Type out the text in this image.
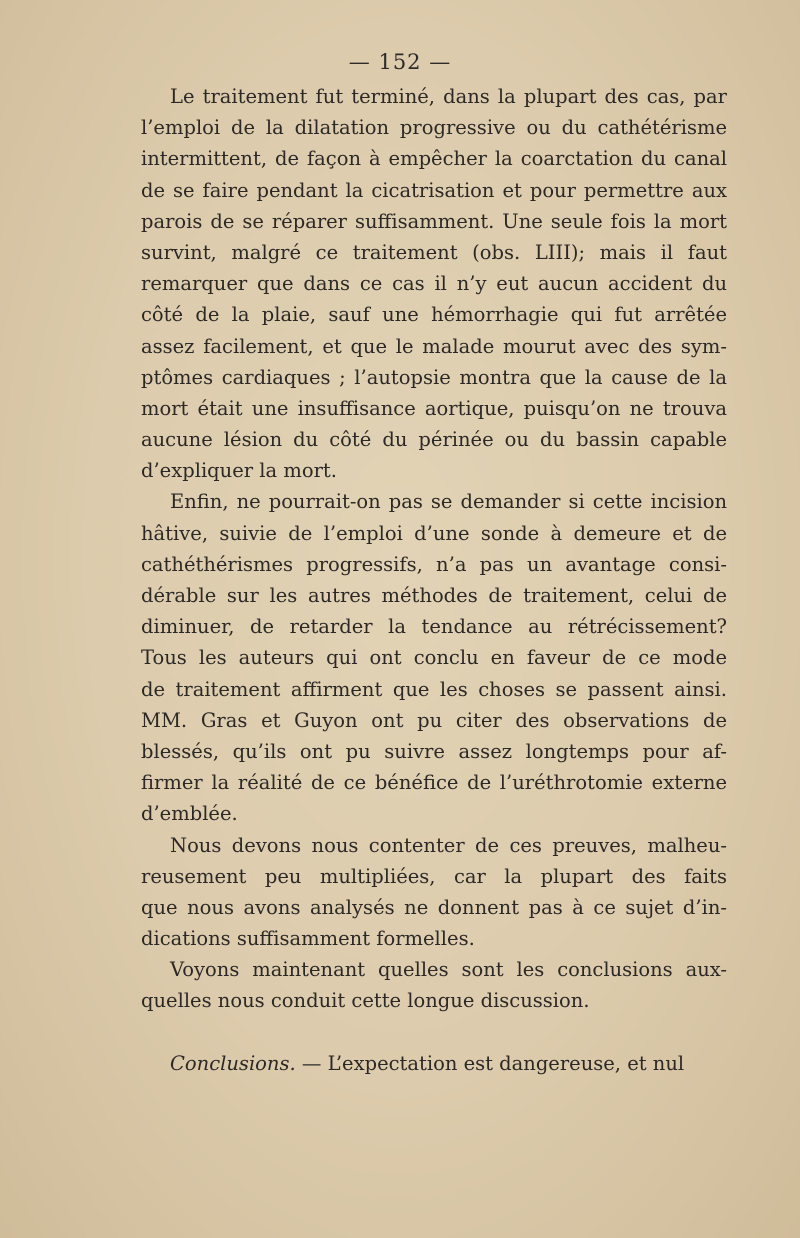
— 152 —
Le traitement fut terminé, dans la plupart des cas, par
l’emploi de la dilatation progressive ou du cathétérisme
intermittent, de façon à empêcher la coarctation du canal
de se faire pendant la cicatrisation et pour permettre aux
parois de se réparer suffisamment. Une seule fois la mort
survint, malgré ce traitement (obs. LIII); mais il faut
remarquer que dans ce cas il n’y eut aucun accident du
côté de la plaie, sauf une hémorrhagie qui fut arrêtée
assez facilement, et que le malade mourut avec des sym-
ptômes cardiaques ; l’autopsie montra que la cause de la
mort était une insuffisance aortique, puisqu’on ne trouva
aucune lésion du côté du périnée ou du bassin capable
d’expliquer la mort.
Enfin, ne pourrait-on pas se demander si cette incision
hâtive, suivie de l’emploi d’une sonde à demeure et de
cathéthérismes progressifs, n’a pas un avantage consi-
dérable sur les autres méthodes de traitement, celui de
diminuer, de retarder la tendance au rétrécissement?
Tous les auteurs qui ont conclu en faveur de ce mode
de traitement affirment que les choses se passent ainsi.
MM. Gras et Guyon ont pu citer des observations de
blessés, qu’ils ont pu suivre assez longtemps pour af-
firmer la réalité de ce bénéfice de l’uréthrotomie externe
d’emblée.
Nous devons nous contenter de ces preuves, malheu-
reusement peu multipliées, car la plupart des faits
que nous avons analysés ne donnent pas à ce sujet d’in-
dications suffisamment formelles.
Voyons maintenant quelles sont les conclusions aux-
quelles nous conduit cette longue discussion.
Conclusions. — L’expectation est dangereuse, et nul
